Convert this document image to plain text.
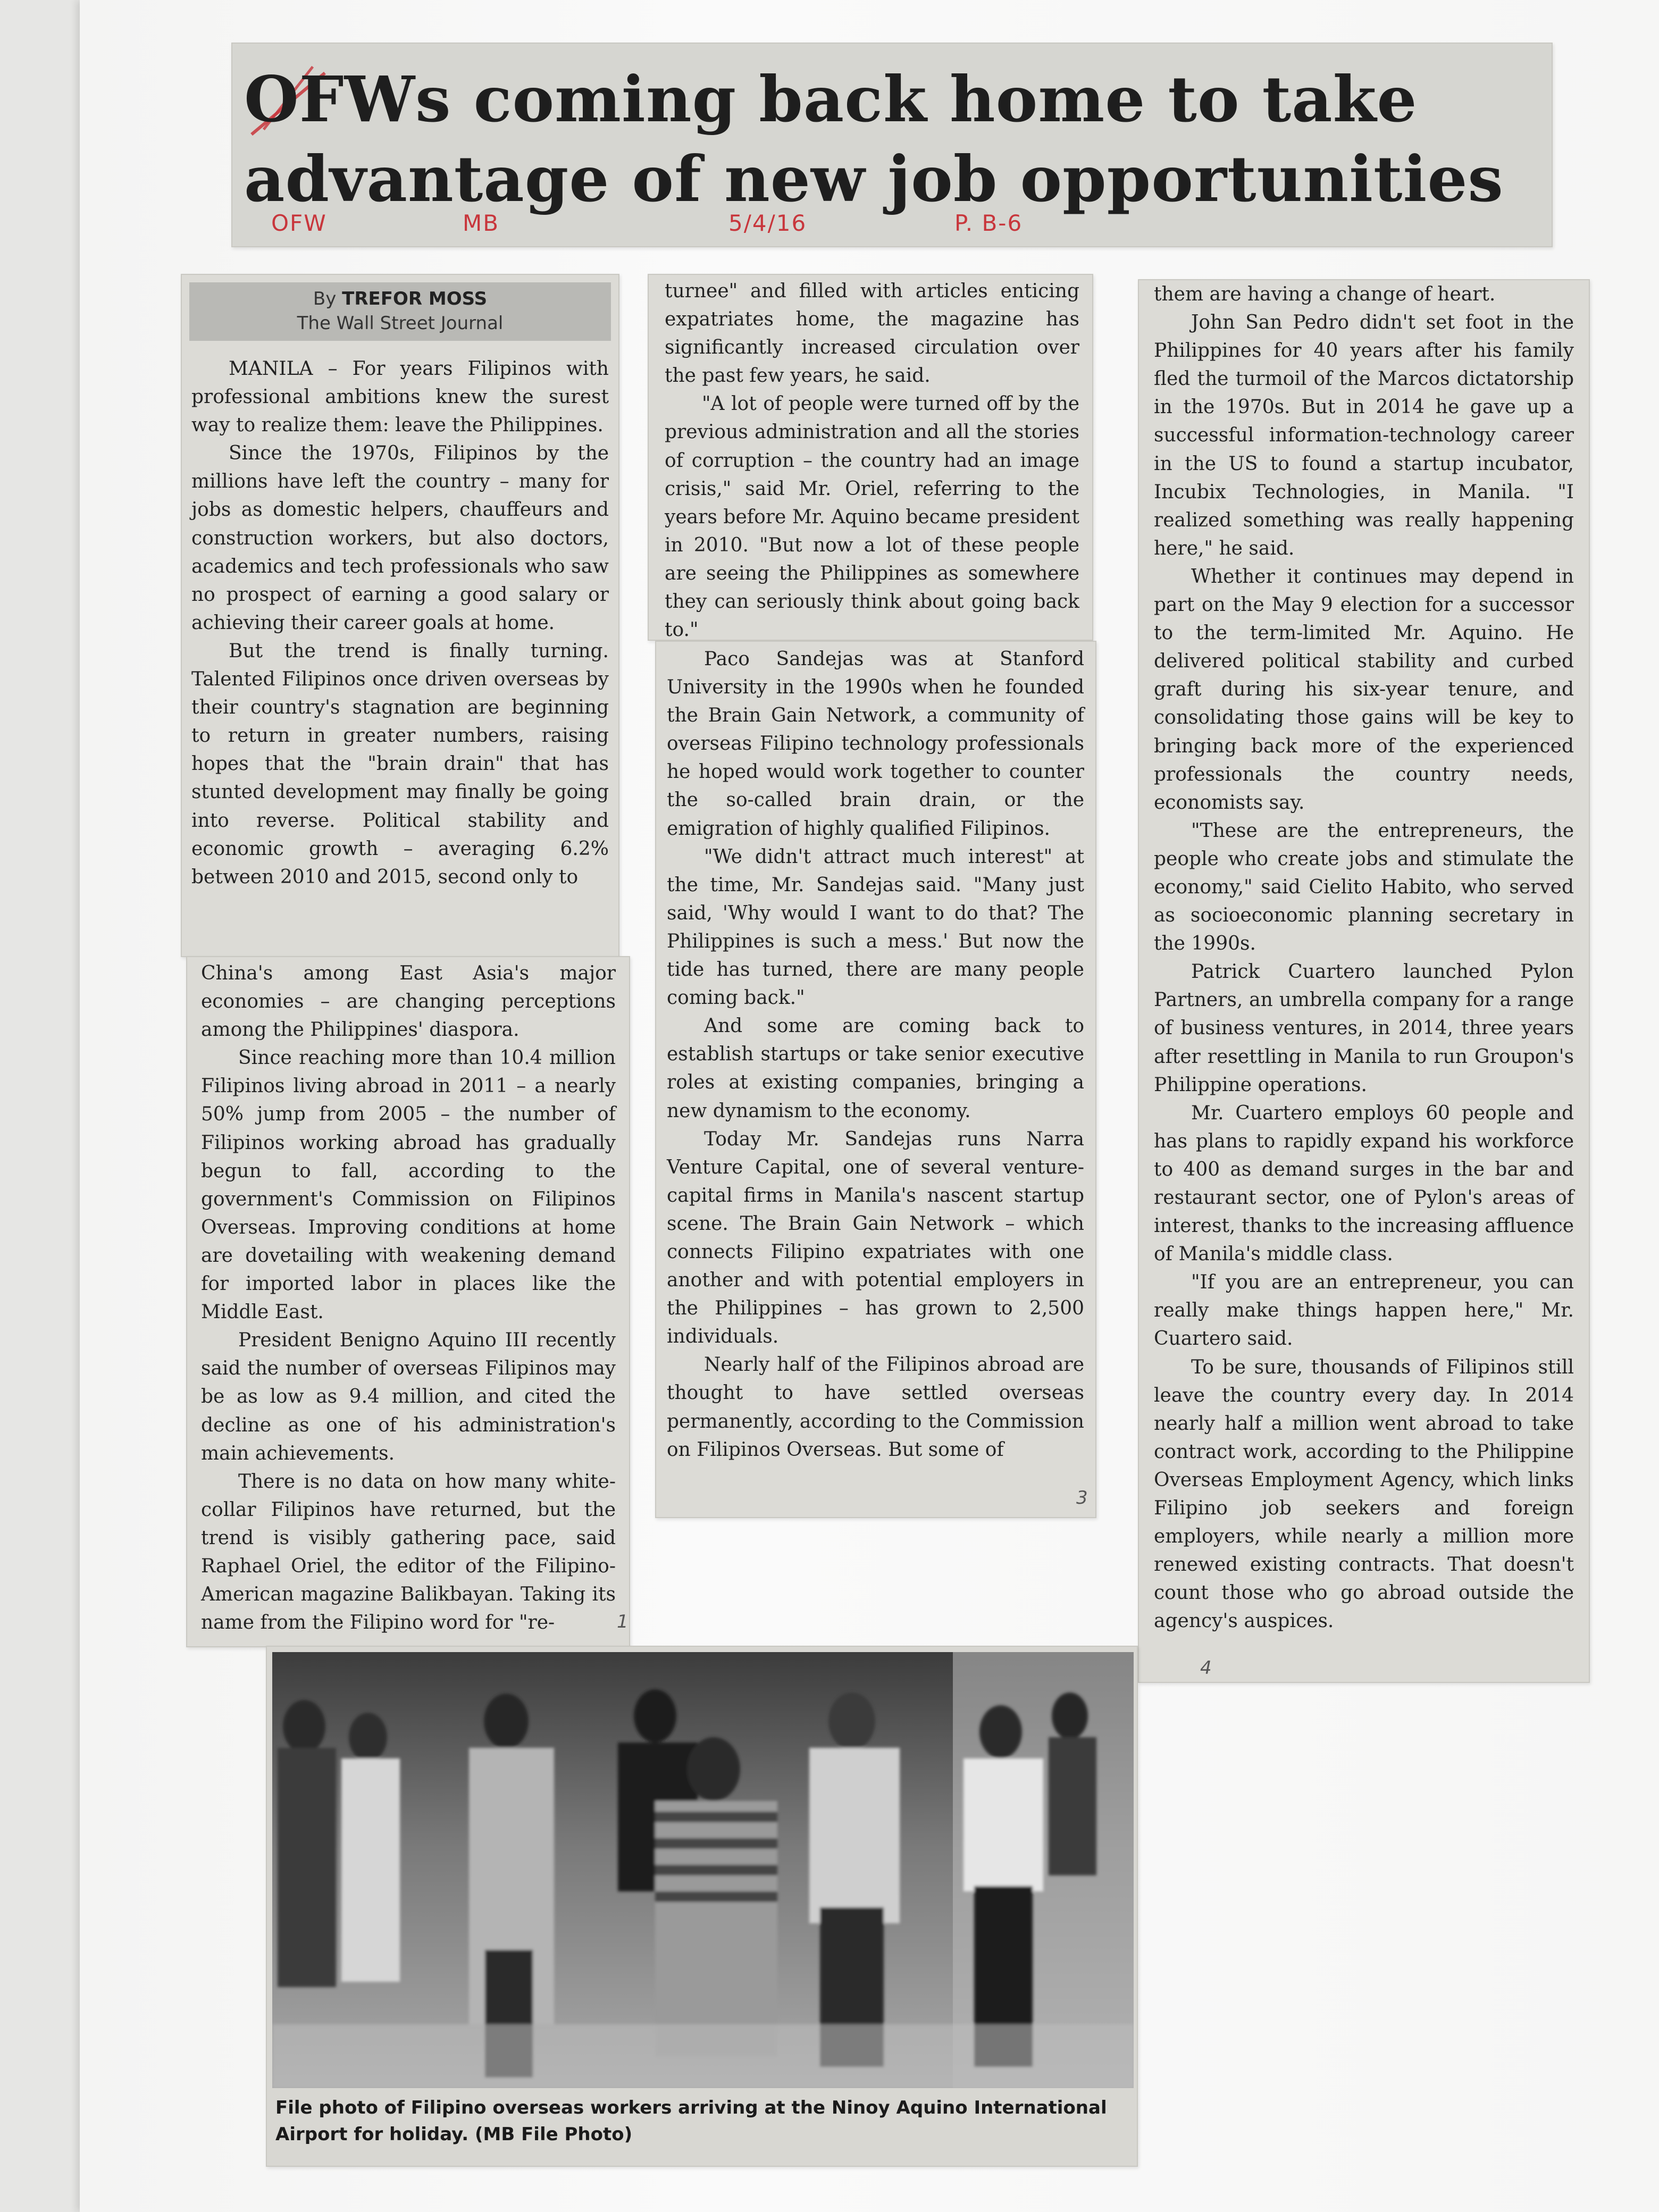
OFWs coming back home to take advantage of new job opportunities
OFW	MB	5/4/16	P. B-6
By TREFOR MOSS
The Wall Street Journal

MANILA – For years Filipinos with professional ambitions knew the surest way to realize them: leave the Philippines.

Since the 1970s, Filipinos by the millions have left the country – many for jobs as domestic helpers, chauffeurs and construction workers, but also doctors, academics and tech professionals who saw no prospect of earning a good salary or achieving their career goals at home.

But the trend is finally turning. Talented Filipinos once driven overseas by their country's stagnation are beginning to return in greater numbers, raising hopes that the "brain drain" that has stunted development may finally be going into reverse. Political stability and economic growth – averaging 6.2% between 2010 and 2015, second only to

China's among East Asia's major economies – are changing perceptions among the Philippines' diaspora.

Since reaching more than 10.4 million Filipinos living abroad in 2011 – a nearly 50% jump from 2005 – the number of Filipinos working abroad has gradually begun to fall, according to the government's Commission on Filipinos Overseas. Improving conditions at home are dovetailing with weakening demand for imported labor in places like the Middle East.

President Benigno Aquino III recently said the number of overseas Filipinos may be as low as 9.4 million, and cited the decline as one of his administration's main achievements.

There is no data on how many white-collar Filipinos have returned, but the trend is visibly gathering pace, said Raphael Oriel, the editor of the Filipino-American magazine Balikbayan. Taking its name from the Filipino word for "re-	1

turnee" and filled with articles enticing expatriates home, the magazine has significantly increased circulation over the past few years, he said.

"A lot of people were turned off by the previous administration and all the stories of corruption – the country had an image crisis," said Mr. Oriel, referring to the years before Mr. Aquino became president in 2010. "But now a lot of these people are seeing the Philippines as somewhere they can seriously think about going back to."

Paco Sandejas was at Stanford University in the 1990s when he founded the Brain Gain Network, a community of overseas Filipino technology professionals he hoped would work together to counter the so-called brain drain, or the emigration of highly qualified Filipinos.

"We didn't attract much interest" at the time, Mr. Sandejas said. "Many just said, 'Why would I want to do that? The Philippines is such a mess.' But now the tide has turned, there are many people coming back."

And some are coming back to establish startups or take senior executive roles at existing companies, bringing a new dynamism to the economy.

Today Mr. Sandejas runs Narra Venture Capital, one of several venture-capital firms in Manila's nascent startup scene. The Brain Gain Network – which connects Filipino expatriates with one another and with potential employers in the Philippines – has grown to 2,500 individuals.

Nearly half of the Filipinos abroad are thought to have settled overseas permanently, according to the Commission on Filipinos Overseas. But some of

3

them are having a change of heart.

John San Pedro didn't set foot in the Philippines for 40 years after his family fled the turmoil of the Marcos dictatorship in the 1970s. But in 2014 he gave up a successful information-technology career in the US to found a startup incubator, Incubix Technologies, in Manila. "I realized something was really happening here," he said.

Whether it continues may depend in part on the May 9 election for a successor to the term-limited Mr. Aquino. He delivered political stability and curbed graft during his six-year tenure, and consolidating those gains will be key to bringing back more of the experienced professionals the country needs, economists say.

"These are the entrepreneurs, the people who create jobs and stimulate the economy," said Cielito Habito, who served as socioeconomic planning secretary in the 1990s.

Patrick Cuartero launched Pylon Partners, an umbrella company for a range of business ventures, in 2014, three years after resettling in Manila to run Groupon's Philippine operations.

Mr. Cuartero employs 60 people and has plans to rapidly expand his workforce to 400 as demand surges in the bar and restaurant sector, one of Pylon's areas of interest, thanks to the increasing affluence of Manila's middle class.

"If you are an entrepreneur, you can really make things happen here," Mr. Cuartero said.

To be sure, thousands of Filipinos still leave the country every day. In 2014 nearly half a million went abroad to take contract work, according to the Philippine Overseas Employment Agency, which links Filipino job seekers and foreign employers, while nearly a million more renewed existing contracts. That doesn't count those who go abroad outside the agency's auspices.

4
File photo of Filipino overseas workers arriving at the Ninoy Aquino International Airport for holiday. (MB File Photo)
